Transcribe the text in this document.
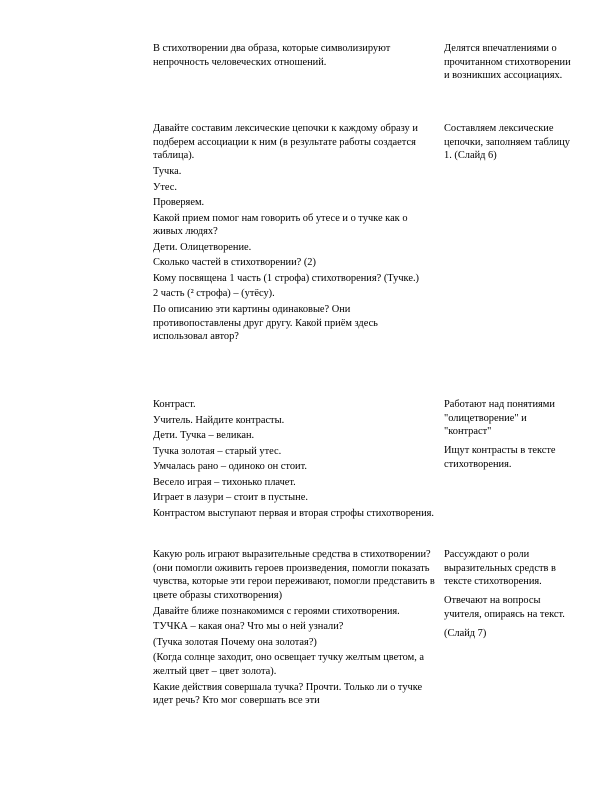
В стихотворении два образа, которые символизируют непрочность человеческих отношений.

Делятся впечатлениями о прочитанном стихотворении и возникших ассоциациях.

Давайте составим лексические цепочки к каждому образу и подберем ассоциации к ним (в результате работы создается таблица).

Тучка.

Утес.

Проверяем.

Какой прием помог нам говорить об утесе и о тучке как о живых людях?

Дети. Олицетворение.

Сколько частей в стихотворении? (2)

Кому посвящена 1 часть (1 строфа) стихотворения? (Тучке.)

2 часть (² строфа) – (утёсу).

По описанию эти картины одинаковые? Они противопоставлены друг другу. Какой приём здесь использовал автор?

Составляем лексические цепочки, заполняем таблицу 1. (Слайд 6)

Контраст.

Учитель. Найдите контрасты.

Дети. Тучка – великан.

Тучка золотая – старый утес.

Умчалась рано – одиноко он стоит.

Весело играя – тихонько плачет.

Играет в лазури – стоит в пустыне.

Контрастом выступают первая и вторая строфы стихотворения.

Работают над понятиями "олицетворение" и "контраст"

Ищут контрасты в тексте стихотворения.

Какую роль играют выразительные средства в стихотворении? (они помогли оживить героев произведения, помогли показать чувства, которые эти герои переживают, помогли представить в цвете образы стихотворения)

Давайте ближе познакомимся с героями стихотворения.

ТУЧКА – какая она? Что мы о ней узнали?

(Тучка золотая Почему она золотая?)

(Когда солнце заходит, оно освещает тучку желтым цветом, а желтый цвет – цвет золота).

Какие действия совершала тучка? Прочти. Только ли о тучке идет речь? Кто мог совершать все эти

Рассуждают о роли выразительных средств в тексте стихотворения.

Отвечают на вопросы учителя, опираясь на текст.

(Слайд 7)
